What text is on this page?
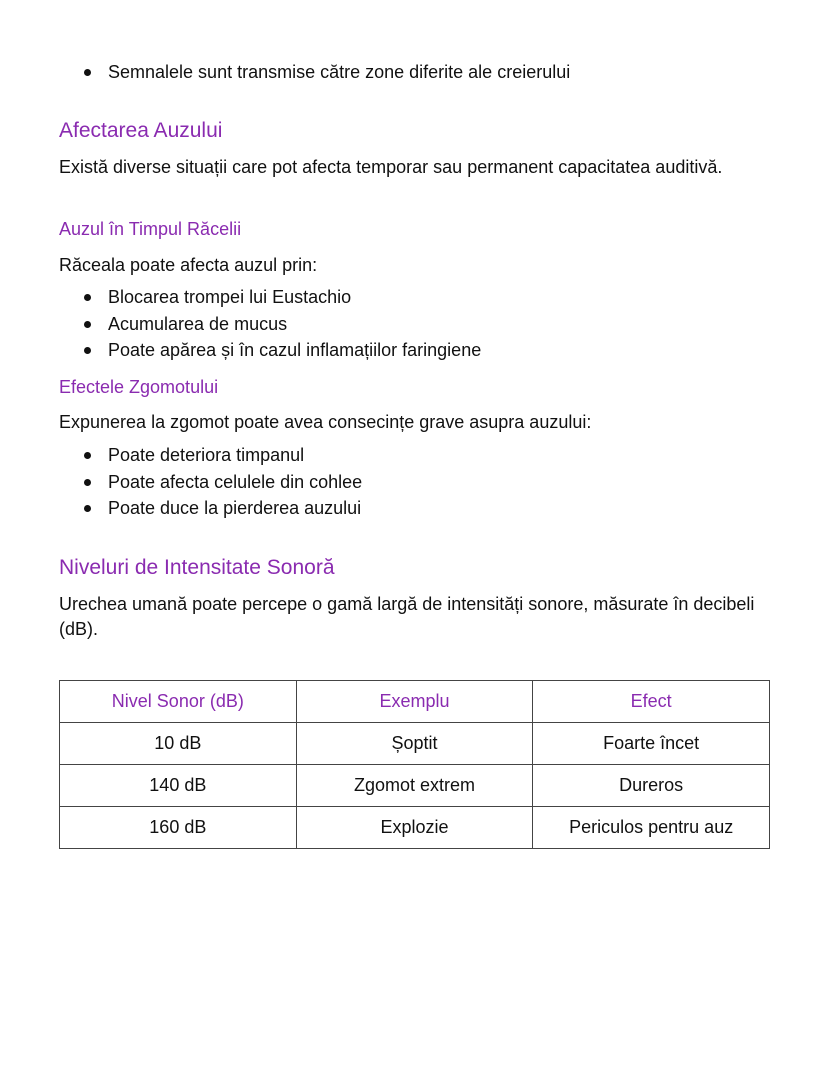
Semnalele sunt transmise către zone diferite ale creierului
Afectarea Auzului
Există diverse situații care pot afecta temporar sau permanent capacitatea auditivă.
Auzul în Timpul Răcelii
Răceala poate afecta auzul prin:
Blocarea trompei lui Eustachio
Acumularea de mucus
Poate apărea și în cazul inflamațiilor faringiene
Efectele Zgomotului
Expunerea la zgomot poate avea consecințe grave asupra auzului:
Poate deteriora timpanul
Poate afecta celulele din cohlee
Poate duce la pierderea auzului
Niveluri de Intensitate Sonoră
Urechea umană poate percepe o gamă largă de intensități sonore, măsurate în decibeli (dB).
Nivel Sonor (dB)	Exemplu	Efect
10 dB	Șoptit	Foarte încet
140 dB	Zgomot extrem	Dureros
160 dB	Explozie	Periculos pentru auz
